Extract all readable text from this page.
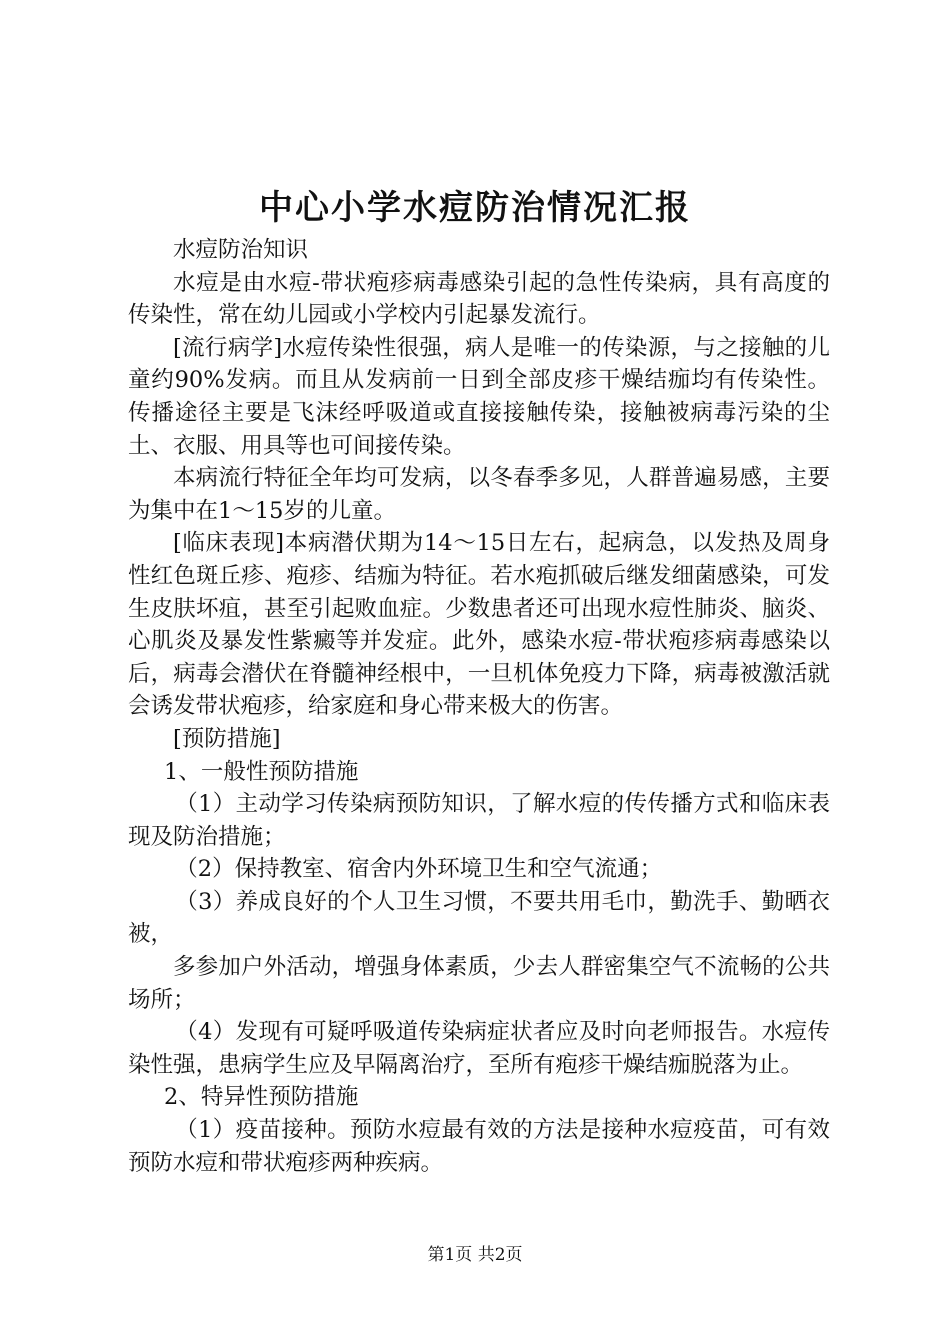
中心小学水痘防治情况汇报

水痘防治知识

水痘是由水痘-带状疱疹病毒感染引起的急性传染病，具有高度的传染性，常在幼儿园或小学校内引起暴发流行。

[流行病学]水痘传染性很强，病人是唯一的传染源，与之接触的儿童约90%发病。而且从发病前一日到全部皮疹干燥结痂均有传染性。传播途径主要是飞沫经呼吸道或直接接触传染，接触被病毒污染的尘土、衣服、用具等也可间接传染。

本病流行特征全年均可发病，以冬春季多见，人群普遍易感，主要为集中在1～15岁的儿童。

[临床表现]本病潜伏期为14～15日左右，起病急，以发热及周身性红色斑丘疹、疱疹、结痂为特征。若水疱抓破后继发细菌感染，可发生皮肤坏疽，甚至引起败血症。少数患者还可出现水痘性肺炎、脑炎、心肌炎及暴发性紫癜等并发症。此外，感染水痘-带状疱疹病毒感染以后，病毒会潜伏在脊髓神经根中，一旦机体免疫力下降，病毒被激活就会诱发带状疱疹，给家庭和身心带来极大的伤害。

[预防措施]

1、一般性预防措施

（1）主动学习传染病预防知识，了解水痘的传传播方式和临床表现及防治措施；

（2）保持教室、宿舍内外环境卫生和空气流通；

（3）养成良好的个人卫生习惯，不要共用毛巾，勤洗手、勤晒衣被，

多参加户外活动，增强身体素质，少去人群密集空气不流畅的公共场所；

（4）发现有可疑呼吸道传染病症状者应及时向老师报告。水痘传染性强，患病学生应及早隔离治疗，至所有疱疹干燥结痂脱落为止。

2、特异性预防措施

（1）疫苗接种。预防水痘最有效的方法是接种水痘疫苗，可有效预防水痘和带状疱疹两种疾病。

第1页 共2页
